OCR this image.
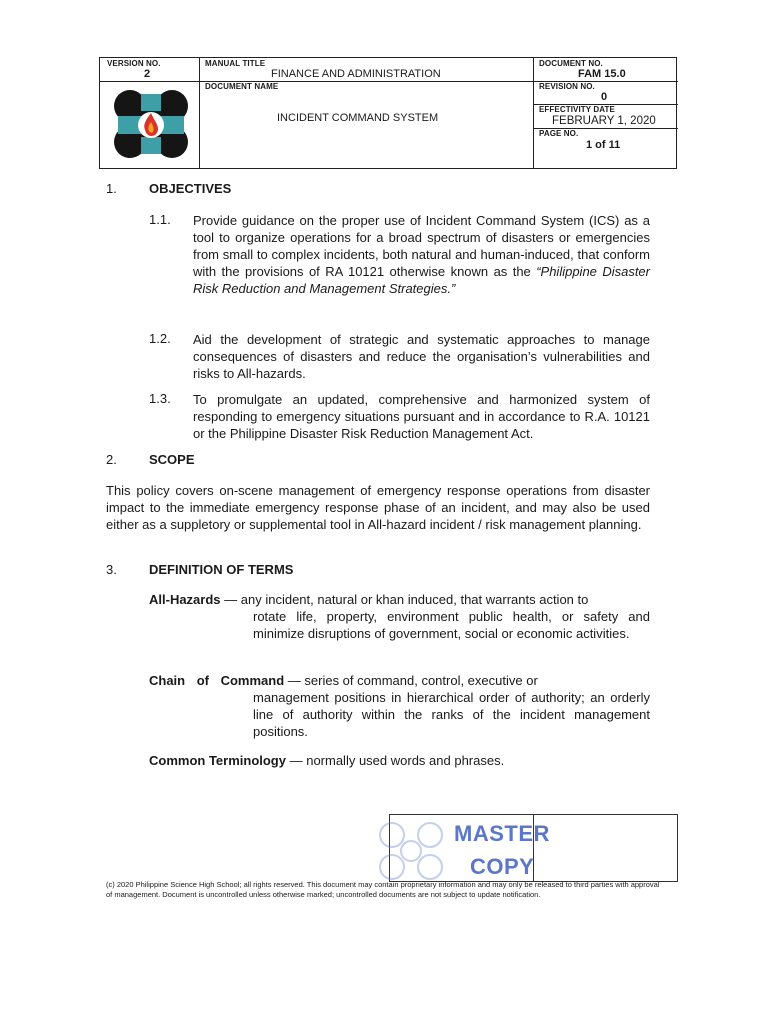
VERSION NO.
2
MANUAL TITLE
FINANCE AND ADMINISTRATION
DOCUMENT NO.
FAM 15.0
DOCUMENT NAME
INCIDENT COMMAND SYSTEM
REVISION NO.
0
EFFECTIVITY DATE
FEBRUARY 1, 2020
PAGE NO.
1 of 11
1. OBJECTIVES
1.1. Provide guidance on the proper use of Incident Command System (ICS) as a tool to organize operations for a broad spectrum of disasters or emergencies from small to complex incidents, both natural and human-induced, that conform with the provisions of RA 10121 otherwise known as the “Philippine Disaster Risk Reduction and Management Strategies.”
1.2. Aid the development of strategic and systematic approaches to manage consequences of disasters and reduce the organisation’s vulnerabilities and risks to All-hazards.
1.3. To promulgate an updated, comprehensive and harmonized system of responding to emergency situations pursuant and in accordance to R.A. 10121 or the Philippine Disaster Risk Reduction Management Act.
2. SCOPE
This policy covers on-scene management of emergency response operations from disaster impact to the immediate emergency response phase of an incident, and may also be used either as a suppletory or supplemental tool in All-hazard incident / risk management planning.
3. DEFINITION OF TERMS
All-Hazards — any incident, natural or khan induced, that warrants action to
rotate life, property, environment public health, or safety and minimize disruptions of government, social or economic activities.
Chain of Command — series of command, control, executive or
management positions in hierarchical order of authority; an orderly line of authority within the ranks of the incident management positions.
Common Terminology — normally used words and phrases.
MASTER
COPY
(c) 2020 Philippine Science High School; all rights reserved. This document may contain proprietary information and may only be released to third parties with approval of management. Document is uncontrolled unless otherwise marked; uncontrolled documents are not subject to update notification.
